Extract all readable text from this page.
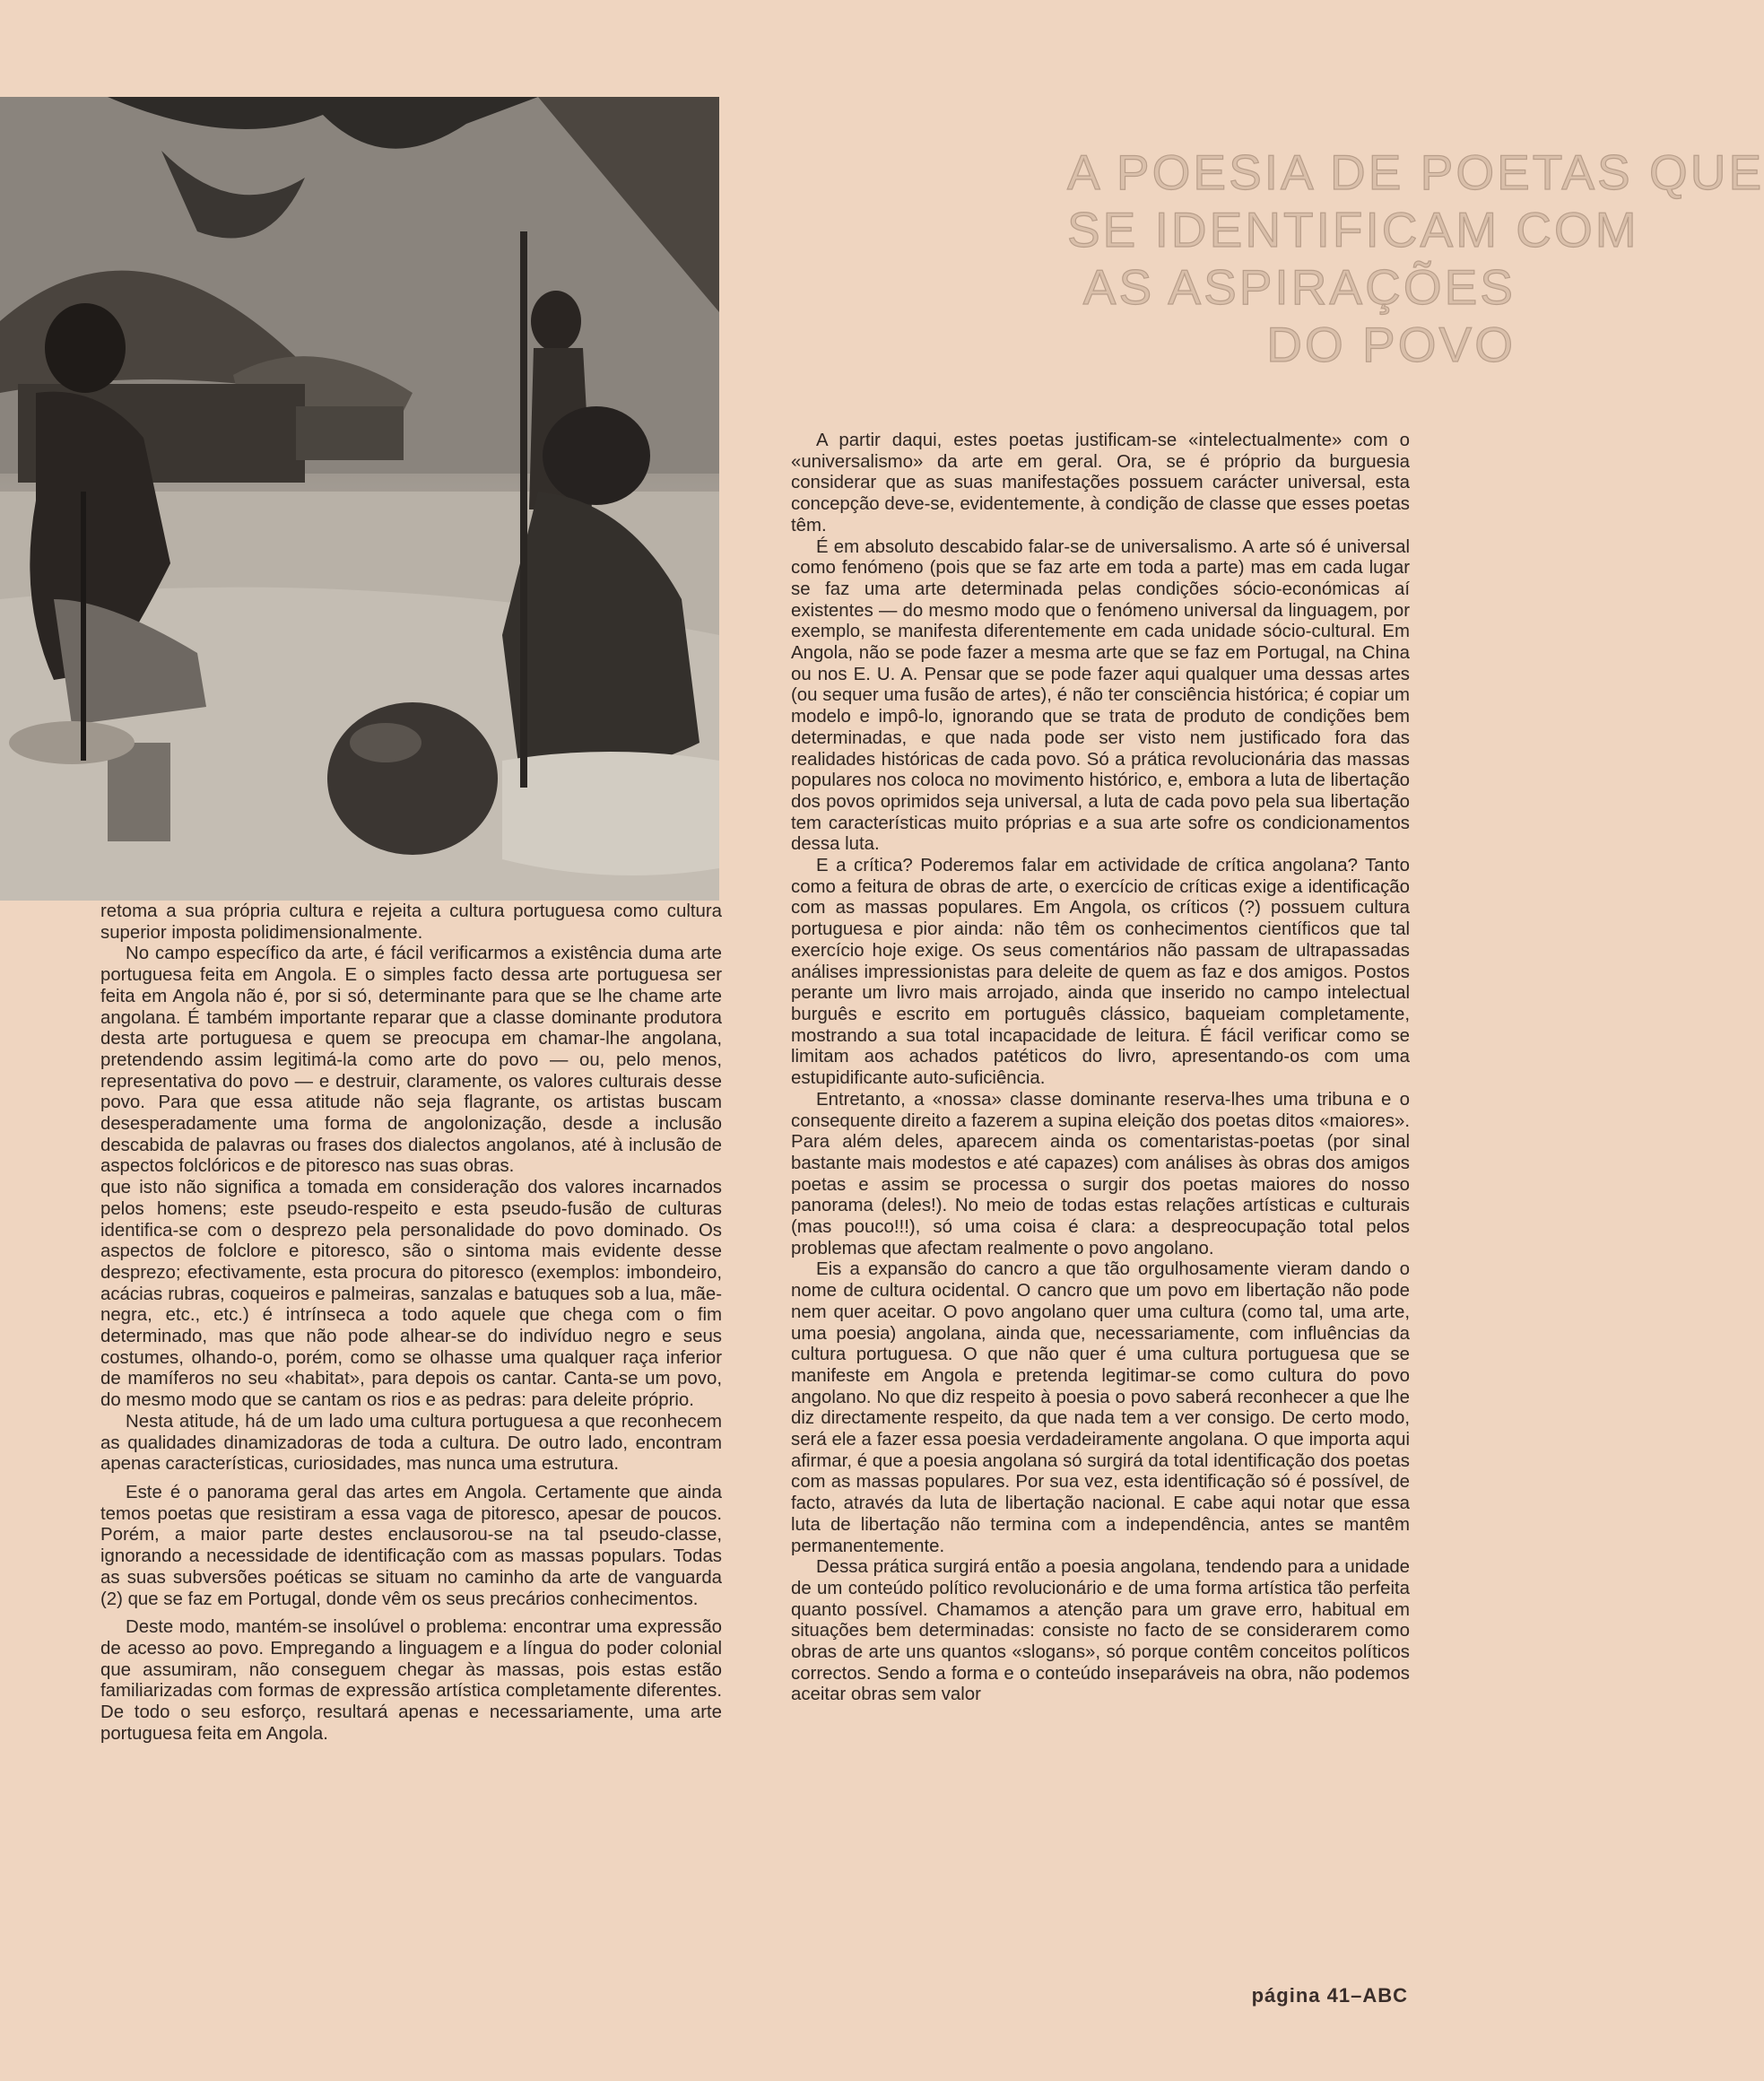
A POESIA DE POETAS QUE
SE IDENTIFICAM COM
AS ASPIRAÇÕES
DO POVO

retoma a sua própria cultura e rejeita a cultura portuguesa como cultura superior imposta polidimensionalmente.

No campo específico da arte, é fácil verificarmos a existência duma arte portuguesa feita em Angola. E o simples facto dessa arte portuguesa ser feita em Angola não é, por si só, determinante para que se lhe chame arte angolana. É também importante reparar que a classe dominante produtora desta arte portuguesa e quem se preocupa em chamar-lhe angolana, pretendendo assim legitimá-la como arte do povo — ou, pelo menos, representativa do povo — e destruir, claramente, os valores culturais desse povo. Para que essa atitude não seja flagrante, os artistas buscam desesperadamente uma forma de angolonização, desde a inclusão descabida de palavras ou frases dos dialectos angolanos, até à inclusão de aspectos folclóricos e de pitoresco nas suas obras.

que isto não significa a tomada em consideração dos valores incarnados pelos homens; este pseudo-respeito e esta pseudo-fusão de culturas identifica-se com o desprezo pela personalidade do povo dominado. Os aspectos de folclore e pitoresco, são o sintoma mais evidente desse desprezo; efectivamente, esta procura do pitoresco (exemplos: imbondeiro, acácias rubras, coqueiros e palmeiras, sanzalas e batuques sob a lua, mãe-negra, etc., etc.) é intrínseca a todo aquele que chega com o fim determinado, mas que não pode alhear-se do indivíduo negro e seus costumes, olhando-o, porém, como se olhasse uma qualquer raça inferior de mamíferos no seu «habitat», para depois os cantar. Canta-se um povo, do mesmo modo que se cantam os rios e as pedras: para deleite próprio.

Nesta atitude, há de um lado uma cultura portuguesa a que reconhecem as qualidades dinamizadoras de toda a cultura. De outro lado, encontram apenas características, curiosidades, mas nunca uma estrutura.

Este é o panorama geral das artes em Angola. Certamente que ainda temos poetas que resistiram a essa vaga de pitoresco, apesar de poucos. Porém, a maior parte destes enclausorou-se na tal pseudo-classe, ignorando a necessidade de identificação com as massas populars. Todas as suas subversões poéticas se situam no caminho da arte de vanguarda (2) que se faz em Portugal, donde vêm os seus precários conhecimentos.

Deste modo, mantém-se insolúvel o problema: encontrar uma expressão de acesso ao povo. Empregando a linguagem e a língua do poder colonial que assumiram, não conseguem chegar às massas, pois estas estão familiarizadas com formas de expressão artística completamente diferentes. De todo o seu esforço, resultará apenas e necessariamente, uma arte portuguesa feita em Angola.

A partir daqui, estes poetas justificam-se «intelectualmente» com o «universalismo» da arte em geral. Ora, se é próprio da burguesia considerar que as suas manifestações possuem carácter universal, esta concepção deve-se, evidentemente, à condição de classe que esses poetas têm.

É em absoluto descabido falar-se de universalismo. A arte só é universal como fenómeno (pois que se faz arte em toda a parte) mas em cada lugar se faz uma arte determinada pelas condições sócio-económicas aí existentes — do mesmo modo que o fenómeno universal da linguagem, por exemplo, se manifesta diferentemente em cada unidade sócio-cultural. Em Angola, não se pode fazer a mesma arte que se faz em Portugal, na China ou nos E. U. A. Pensar que se pode fazer aqui qualquer uma dessas artes (ou sequer uma fusão de artes), é não ter consciência histórica; é copiar um modelo e impô-lo, ignorando que se trata de produto de condições bem determinadas, e que nada pode ser visto nem justificado fora das realidades históricas de cada povo. Só a prática revolucionária das massas populares nos coloca no movimento histórico, e, embora a luta de libertação dos povos oprimidos seja universal, a luta de cada povo pela sua libertação tem características muito próprias e a sua arte sofre os condicionamentos dessa luta.

E a crítica? Poderemos falar em actividade de crítica angolana? Tanto como a feitura de obras de arte, o exercício de críticas exige a identificação com as massas populares. Em Angola, os críticos (?) possuem cultura portuguesa e pior ainda: não têm os conhecimentos científicos que tal exercício hoje exige. Os seus comentários não passam de ultrapassadas análises impressionistas para deleite de quem as faz e dos amigos. Postos perante um livro mais arrojado, ainda que inserido no campo intelectual burguês e escrito em português clássico, baqueiam completamente, mostrando a sua total incapacidade de leitura. É fácil verificar como se limitam aos achados patéticos do livro, apresentando-os com uma estupidificante auto-suficiência.

Entretanto, a «nossa» classe dominante reserva-lhes uma tribuna e o consequente direito a fazerem a supina eleição dos poetas ditos «maiores». Para além deles, aparecem ainda os comentaristas-poetas (por sinal bastante mais modestos e até capazes) com análises às obras dos amigos poetas e assim se processa o surgir dos poetas maiores do nosso panorama (deles!). No meio de todas estas relações artísticas e culturais (mas pouco!!!), só uma coisa é clara: a despreocupação total pelos problemas que afectam realmente o povo angolano.

Eis a expansão do cancro a que tão orgulhosamente vieram dando o nome de cultura ocidental. O cancro que um povo em libertação não pode nem quer aceitar. O povo angolano quer uma cultura (como tal, uma arte, uma poesia) angolana, ainda que, necessariamente, com influências da cultura portuguesa. O que não quer é uma cultura portuguesa que se manifeste em Angola e pretenda legitimar-se como cultura do povo angolano. No que diz respeito à poesia o povo saberá reconhecer a que lhe diz directamente respeito, da que nada tem a ver consigo. De certo modo, será ele a fazer essa poesia verdadeiramente angolana. O que importa aqui afirmar, é que a poesia angolana só surgirá da total identificação dos poetas com as massas populares. Por sua vez, esta identificação só é possível, de facto, através da luta de libertação nacional. E cabe aqui notar que essa luta de libertação não termina com a independência, antes se mantêm permanentemente.

Dessa prática surgirá então a poesia angolana, tendendo para a unidade de um conteúdo político revolucionário e de uma forma artística tão perfeita quanto possível. Chamamos a atenção para um grave erro, habitual em situações bem determinadas: consiste no facto de se considerarem como obras de arte uns quantos «slogans», só porque contêm conceitos políticos correctos. Sendo a forma e o conteúdo inseparáveis na obra, não podemos aceitar obras sem valor

página 41–ABC
